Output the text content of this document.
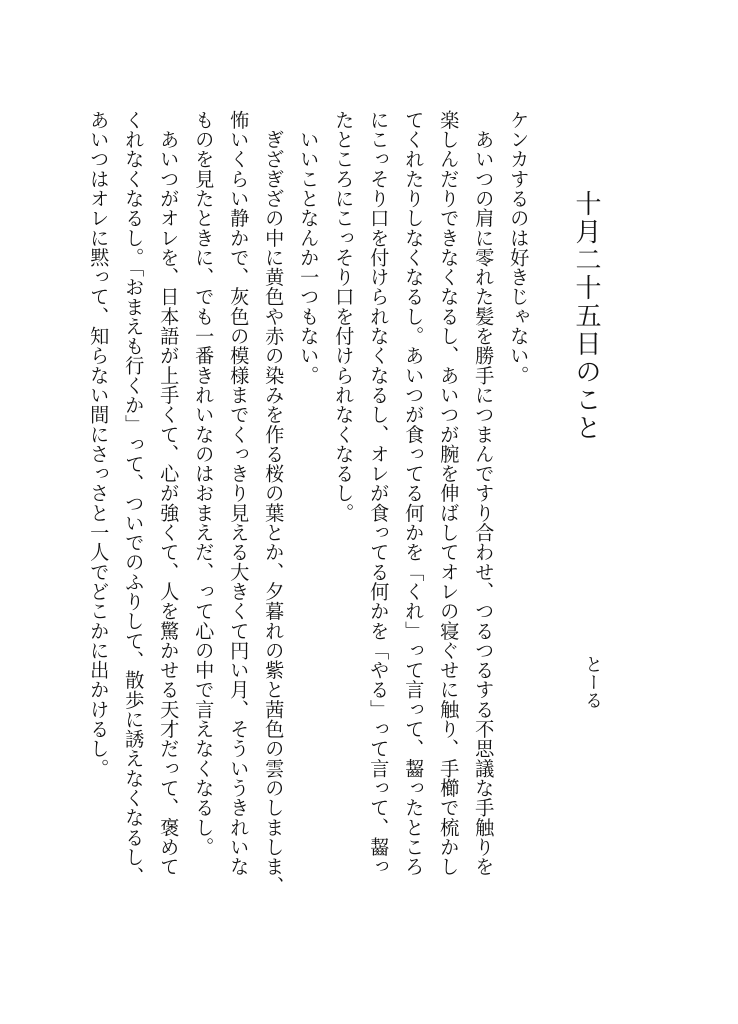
十月二十五日のこと
とーる
ケンカするのは好きじゃない。
　あいつの肩に零れた髪を勝手につまんですり合わせ、つるつるする不思議な手触りを
楽しんだりできなくなるし、あいつが腕を伸ばしてオレの寝ぐせに触り、手櫛で梳かし
てくれたりしなくなるし。あいつが食ってる何かを「くれ」って言って、齧ったところ
にこっそり口を付けられなくなるし、オレが食ってる何かを「やる」って言って、齧っ
たところにこっそり口を付けられなくなるし。
　いいことなんか一つもない。
　ぎざぎざの中に黄色や赤の染みを作る桜の葉とか、夕暮れの紫と茜色の雲のしましま、
怖いくらい静かで、灰色の模様までくっきり見える大きくて円い月、そういうきれいな
ものを見たときに、でも一番きれいなのはおまえだ、って心の中で言えなくなるし。
　あいつがオレを、日本語が上手くて、心が強くて、人を驚かせる天才だって、褒めて
くれなくなるし。「おまえも行くか」って、ついでのふりして、散歩に誘えなくなるし、
あいつはオレに黙って、知らない間にさっさと一人でどこかに出かけるし。
